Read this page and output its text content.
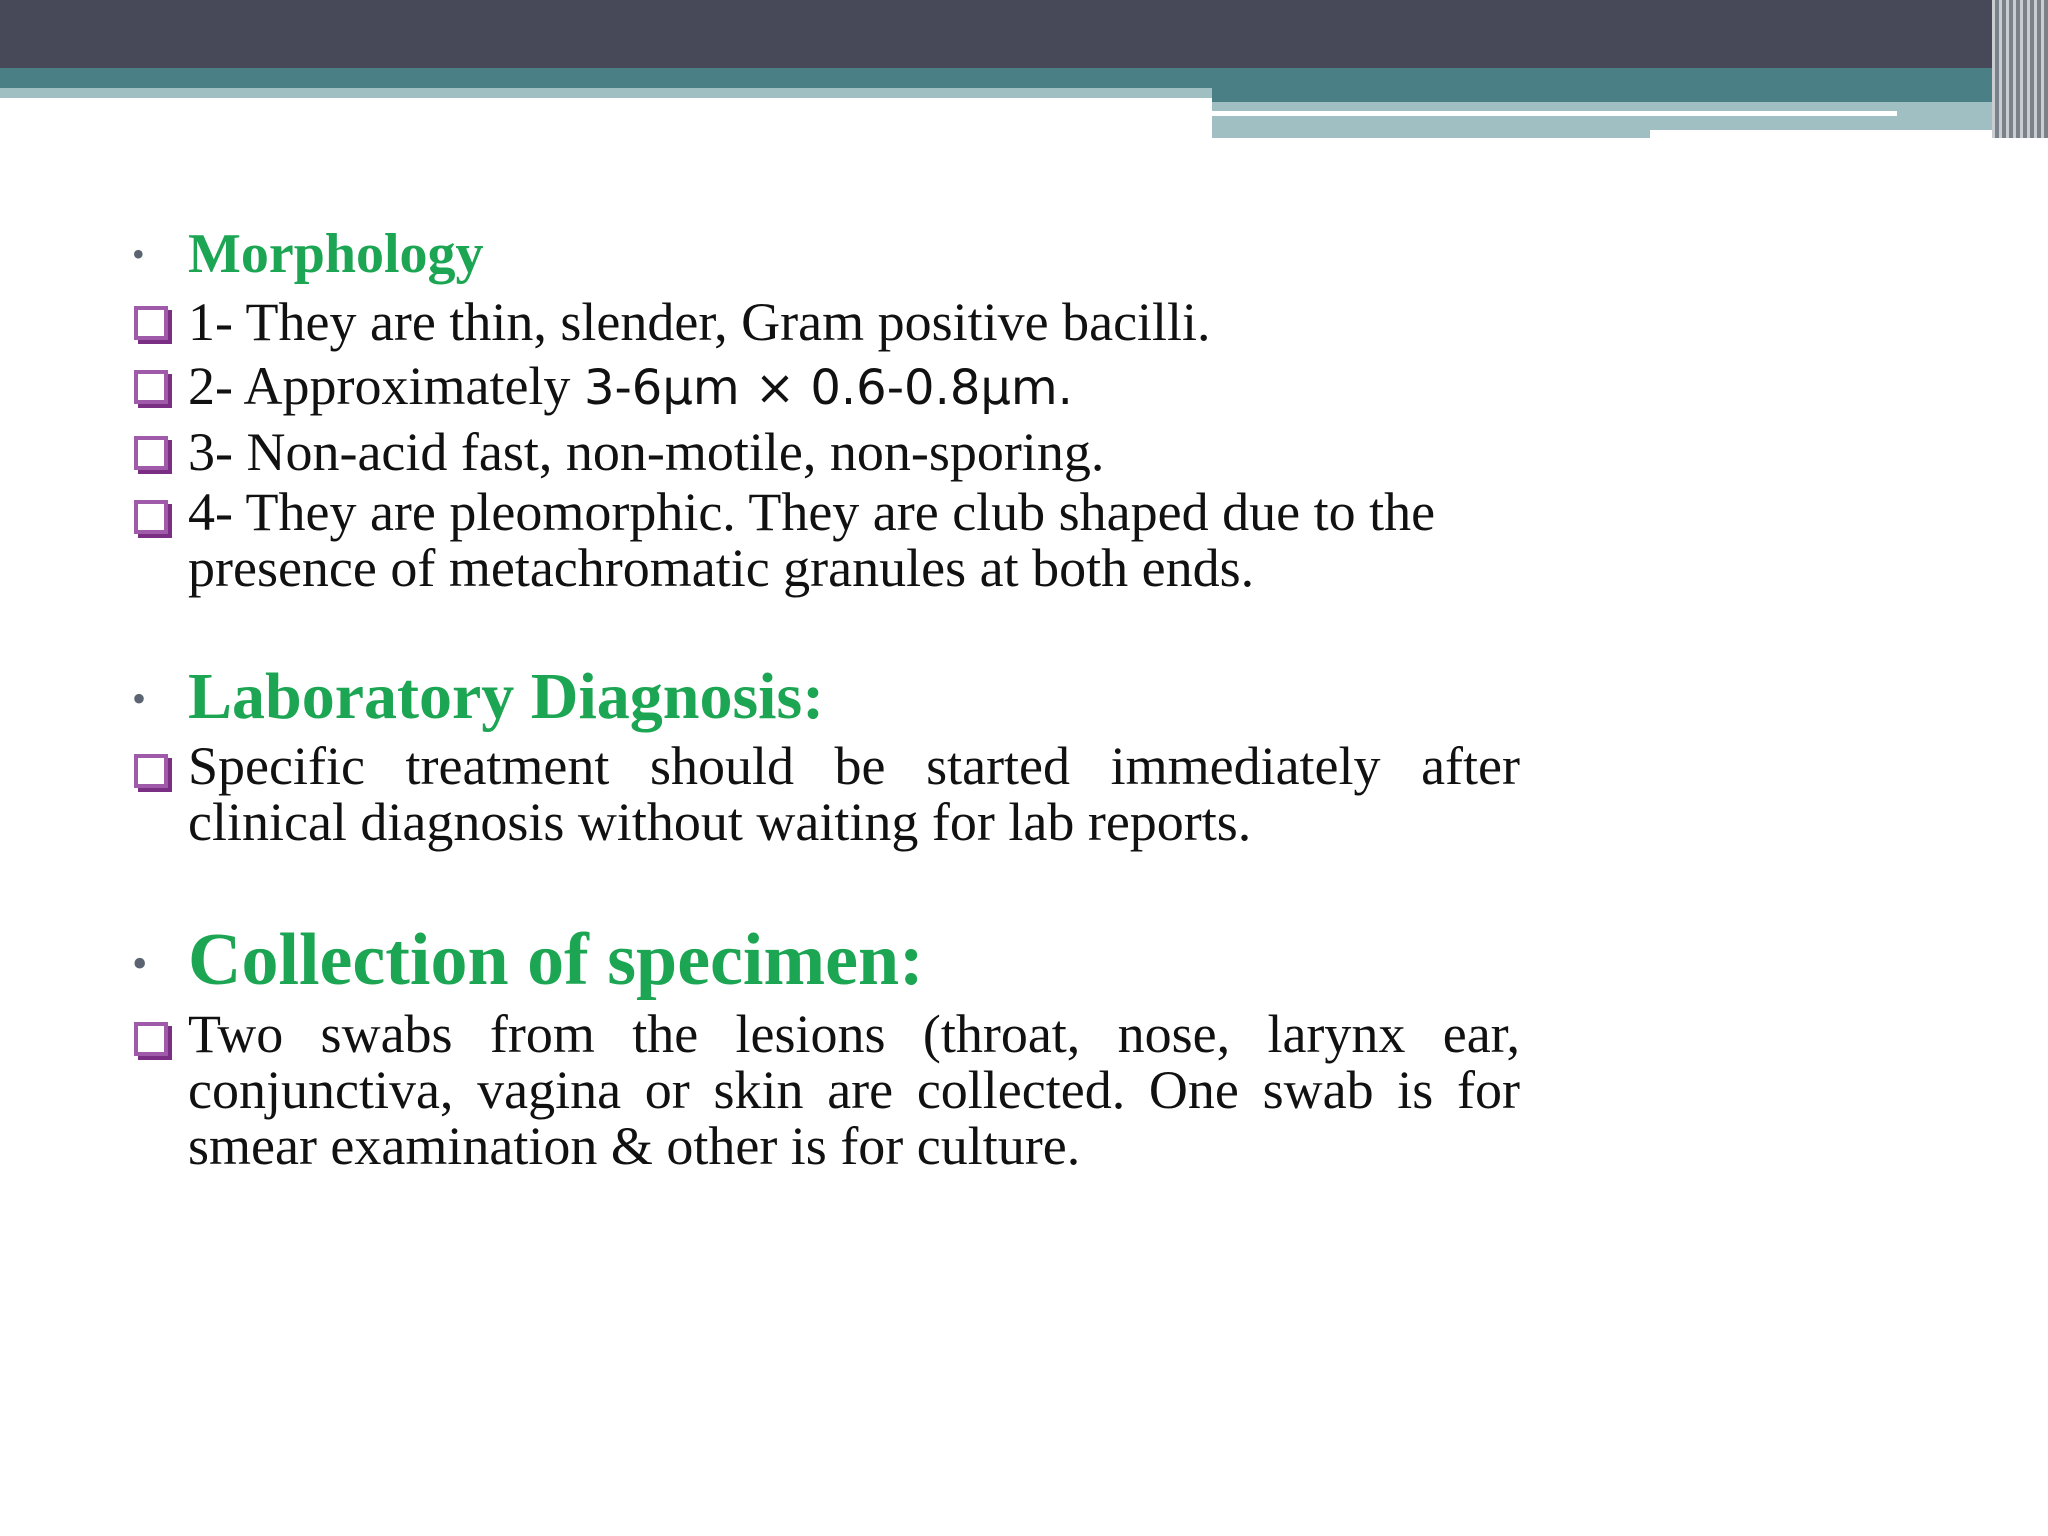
• Morphology
1- They are thin, slender, Gram positive bacilli.
2- Approximately 3-6µm × 0.6-0.8µm.
3- Non-acid fast, non-motile, non-sporing.
4- They are pleomorphic. They are club shaped due to the presence of metachromatic granules at both ends.
• Laboratory Diagnosis:
Specific treatment should be started immediately after clinical diagnosis without waiting for lab reports.
• Collection of specimen:
Two swabs from the lesions (throat, nose, larynx ear, conjunctiva, vagina or skin are collected. One swab is for smear examination & other is for culture.
